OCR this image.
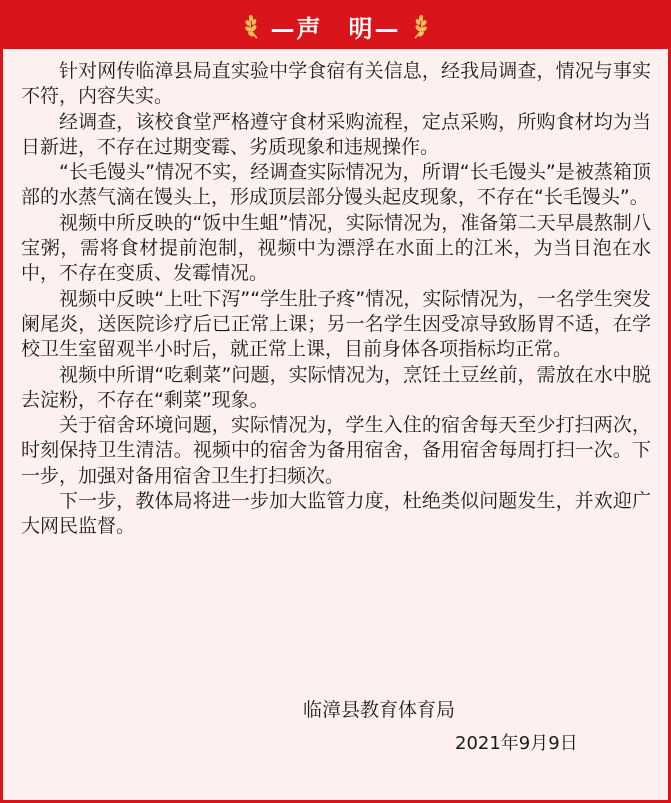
—声　明—

针对网传临漳县局直实验中学食宿有关信息，经我局调查，情况与事实不符，内容失实。

经调查，该校食堂严格遵守食材采购流程，定点采购，所购食材均为当日新进，不存在过期变霉、劣质现象和违规操作。

“长毛馒头”情况不实，经调查实际情况为，所谓“长毛馒头”是被蒸箱顶部的水蒸气滴在馒头上，形成顶层部分馒头起皮现象，不存在“长毛馒头”。

视频中所反映的“饭中生蛆”情况，实际情况为，准备第二天早晨熬制八宝粥，需将食材提前泡制，视频中为漂浮在水面上的江米，为当日泡在水中，不存在变质、发霉情况。

视频中反映“上吐下泻”“学生肚子疼”情况，实际情况为，一名学生突发阑尾炎，送医院诊疗后已正常上课；另一名学生因受凉导致肠胃不适，在学校卫生室留观半小时后，就正常上课，目前身体各项指标均正常。

视频中所谓“吃剩菜”问题，实际情况为，烹饪土豆丝前，需放在水中脱去淀粉，不存在“剩菜”现象。

关于宿舍环境问题，实际情况为，学生入住的宿舍每天至少打扫两次，时刻保持卫生清洁。视频中的宿舍为备用宿舍，备用宿舍每周打扫一次。下一步，加强对备用宿舍卫生打扫频次。

下一步，教体局将进一步加大监管力度，杜绝类似问题发生，并欢迎广大网民监督。

临漳县教育体育局
2021年9月9日
